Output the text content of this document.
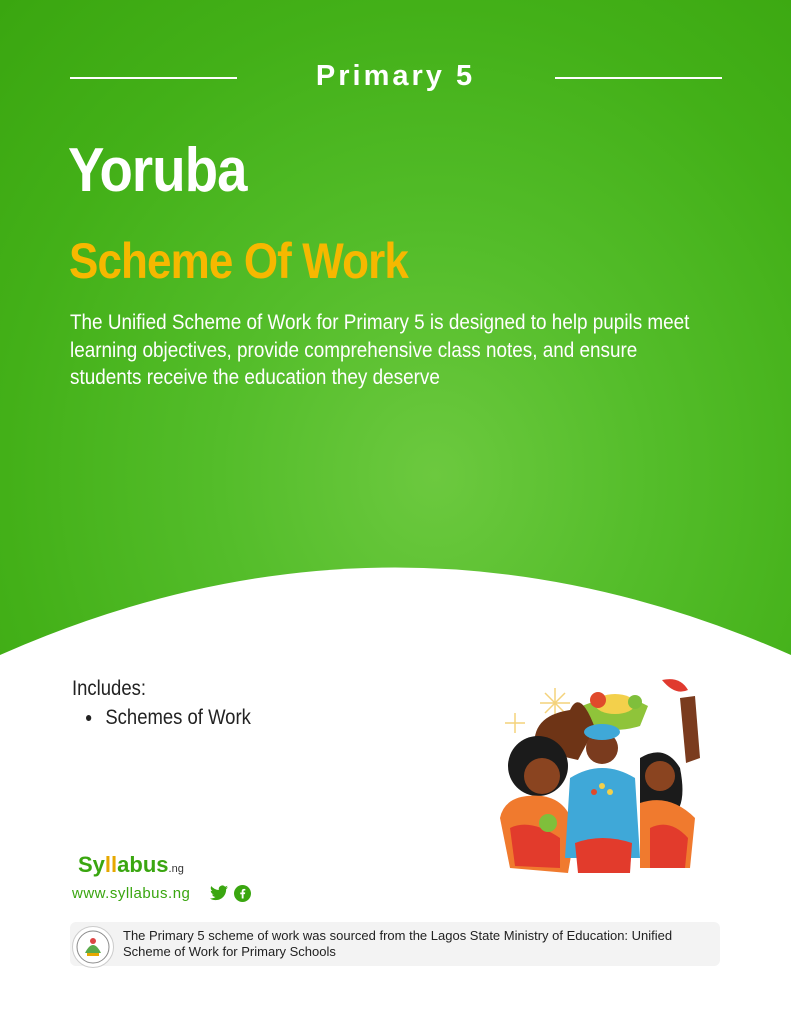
Primary 5
Yoruba
Scheme Of Work
The Unified Scheme of Work for Primary 5 is designed to help pupils meet learning objectives, provide comprehensive class notes, and ensure students receive the education they deserve
Includes:
Schemes of Work
Syllabus.ng
www.syllabus.ng
The Primary 5 scheme of work was sourced from the Lagos State Ministry of Education: Unified Scheme of Work for Primary Schools
